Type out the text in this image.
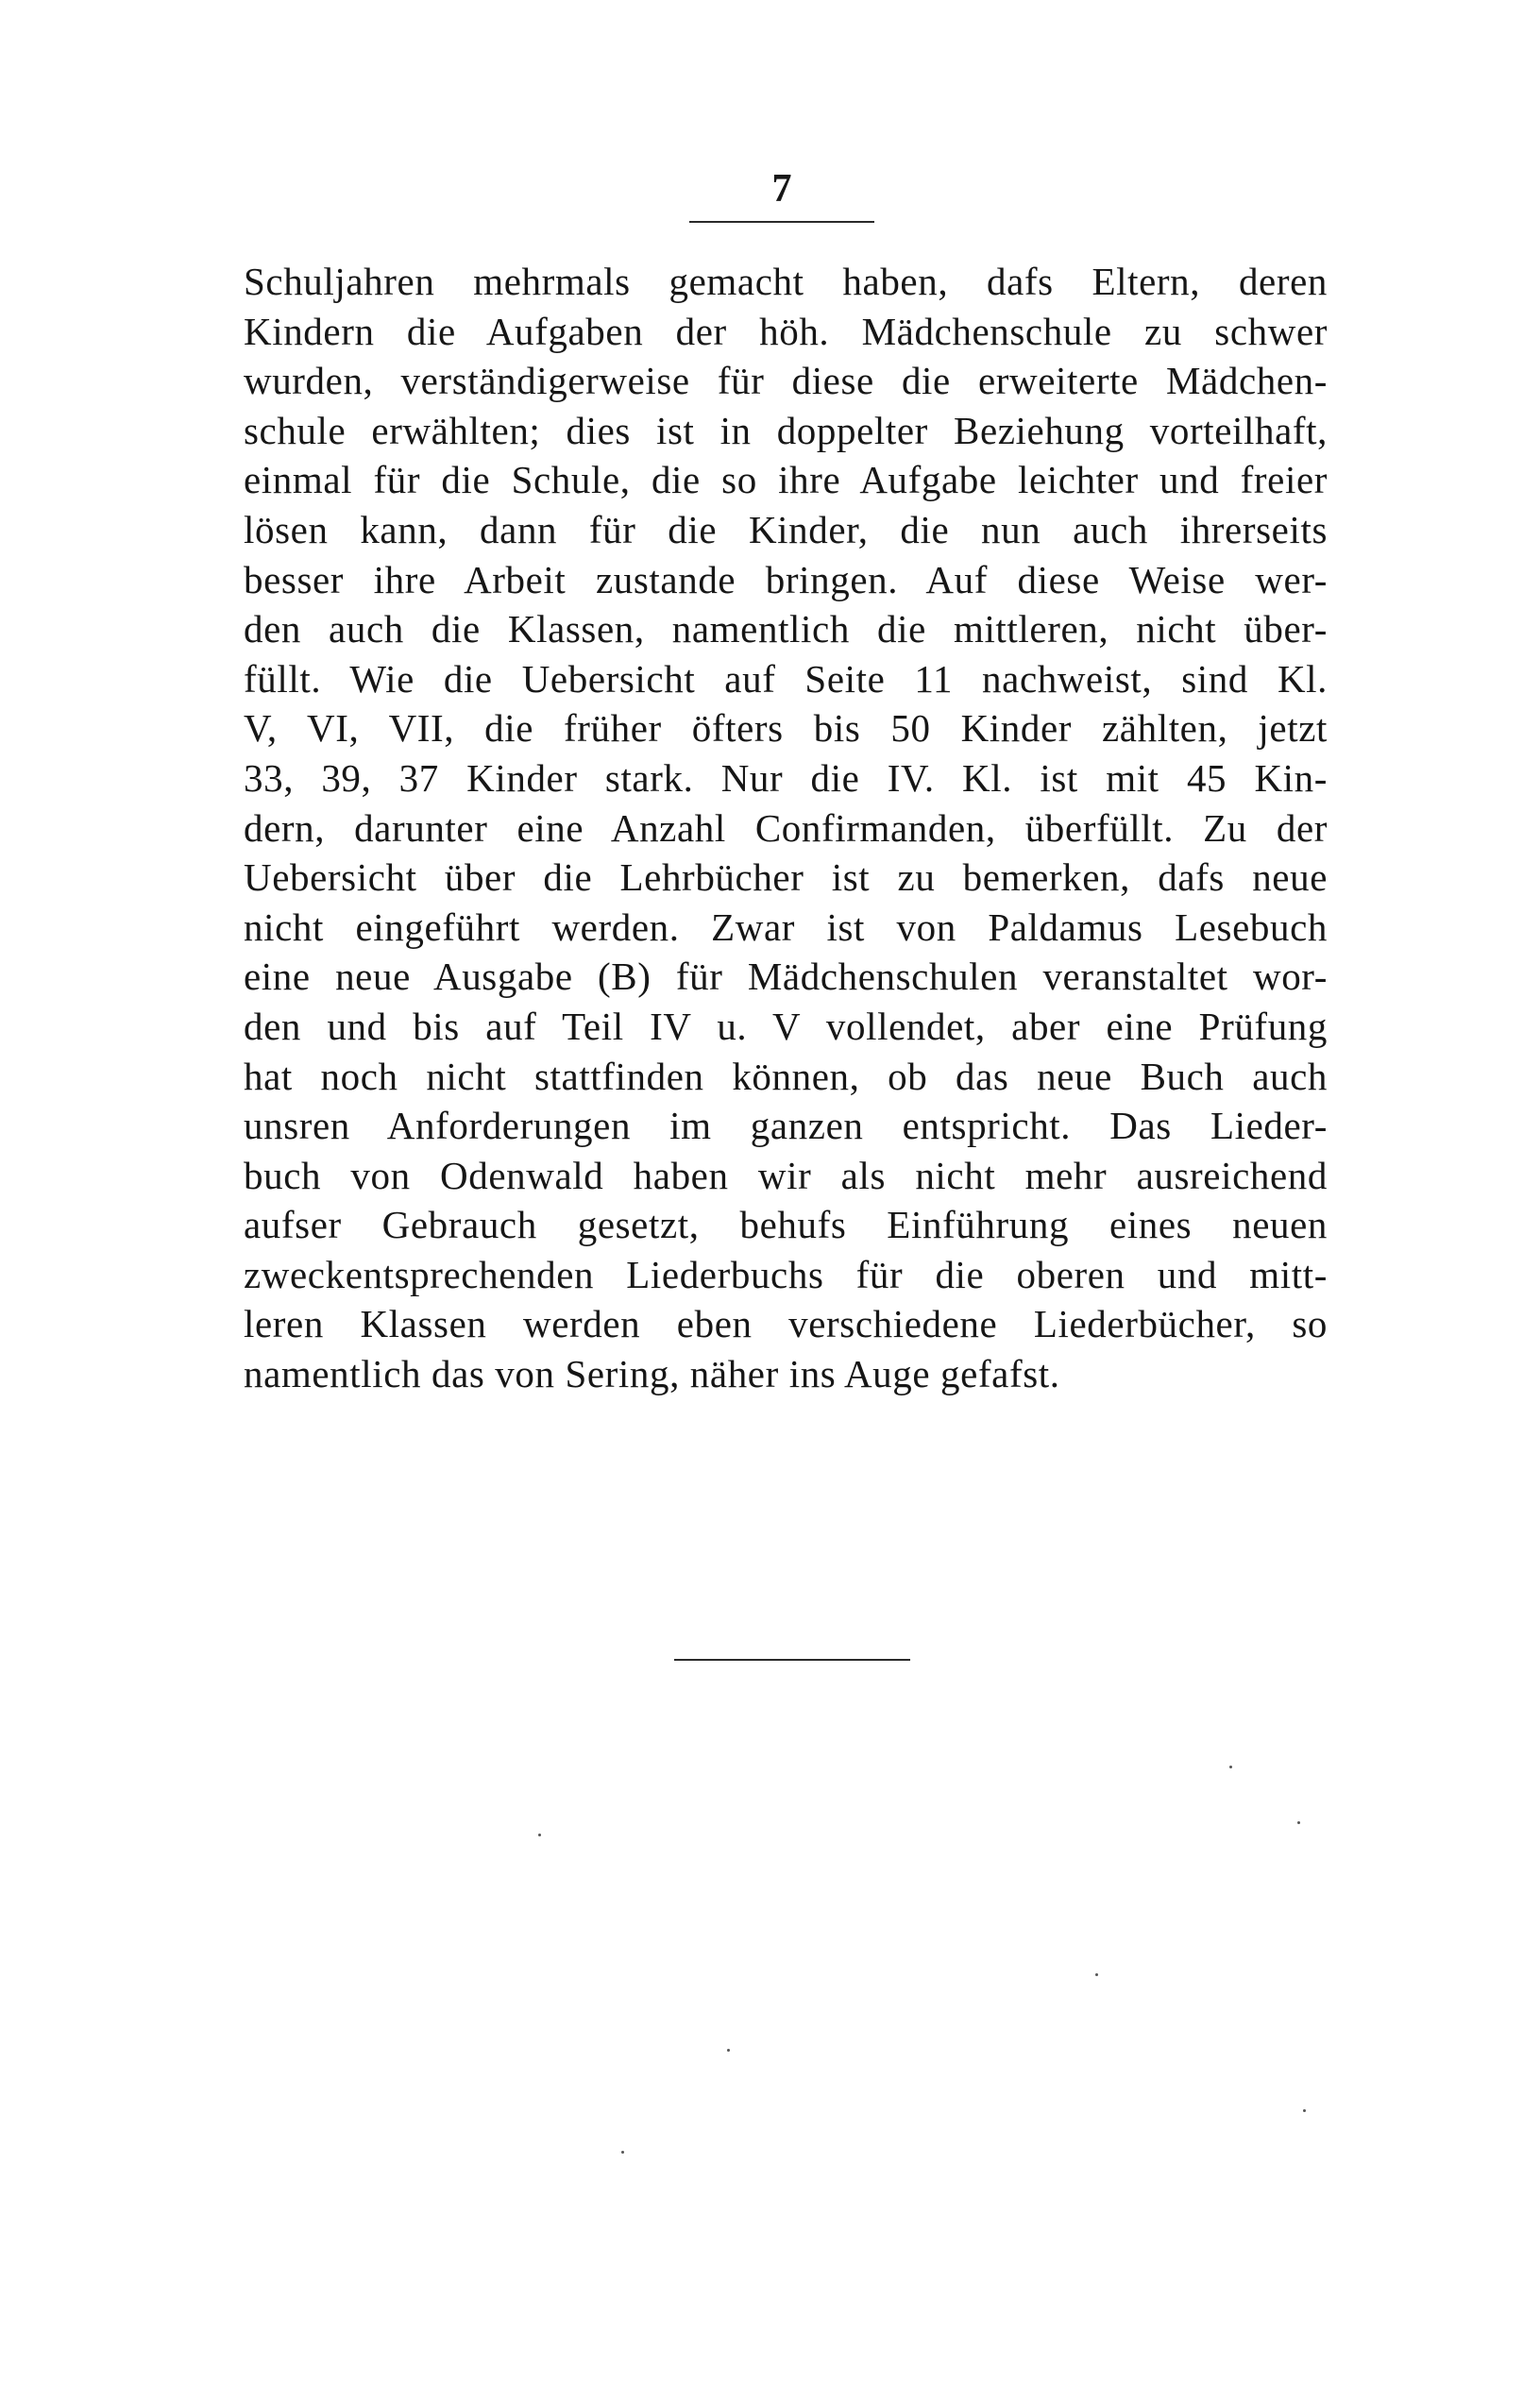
7
Schuljahren mehrmals gemacht haben, dafs Eltern, deren
Kindern die Aufgaben der höh. Mädchenschule zu schwer
wurden, verständigerweise für diese die erweiterte Mädchen-
schule erwählten; dies ist in doppelter Beziehung vorteilhaft,
einmal für die Schule, die so ihre Aufgabe leichter und freier
lösen kann, dann für die Kinder, die nun auch ihrerseits
besser ihre Arbeit zustande bringen. Auf diese Weise wer-
den auch die Klassen, namentlich die mittleren, nicht über-
füllt. Wie die Uebersicht auf Seite 11 nachweist, sind Kl.
V, VI, VII, die früher öfters bis 50 Kinder zählten, jetzt
33, 39, 37 Kinder stark. Nur die IV. Kl. ist mit 45 Kin-
dern, darunter eine Anzahl Confirmanden, überfüllt. Zu der
Uebersicht über die Lehrbücher ist zu bemerken, dafs neue
nicht eingeführt werden. Zwar ist von Paldamus Lesebuch
eine neue Ausgabe (B) für Mädchenschulen veranstaltet wor-
den und bis auf Teil IV u. V vollendet, aber eine Prüfung
hat noch nicht stattfinden können, ob das neue Buch auch
unsren Anforderungen im ganzen entspricht. Das Lieder-
buch von Odenwald haben wir als nicht mehr ausreichend
aufser Gebrauch gesetzt, behufs Einführung eines neuen
zweckentsprechenden Liederbuchs für die oberen und mitt-
leren Klassen werden eben verschiedene Liederbücher, so
namentlich das von Sering, näher ins Auge gefafst.
